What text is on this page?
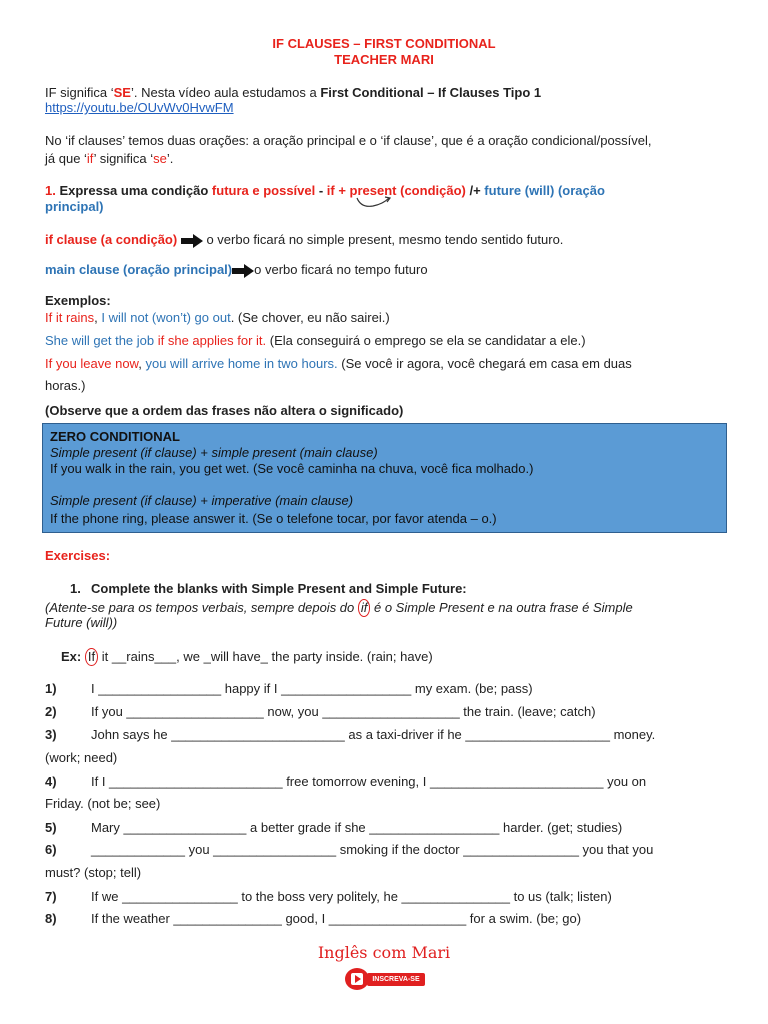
IF CLAUSES – FIRST CONDITIONAL
TEACHER MARI
IF significa ‘SE’. Nesta vídeo aula estudamos a First Conditional – If Clauses Tipo 1
https://youtu.be/OUvWv0HvwFM
No ‘if clauses’ temos duas orações: a oração principal e o ‘if clause’, que é a oração condicional/possível,
já que ‘if’ significa ‘se’.
1. Expressa uma condição futura e possível - if + present (condição) /+ future (will) (oração
principal)
if clause (a condição) o verbo ficará no simple present, mesmo tendo sentido futuro.
main clause (oração principal) o verbo ficará no tempo futuro
Exemplos:
If it rains, I will not (won’t) go out. (Se chover, eu não sairei.)
She will get the job if she applies for it. (Ela conseguirá o emprego se ela se candidatar a ele.)
If you leave now, you will arrive home in two hours. (Se você ir agora, você chegará em casa em duas
horas.)
(Observe que a ordem das frases não altera o significado)
ZERO CONDITIONAL
Simple present (if clause) + simple present (main clause)
If you walk in the rain, you get wet. (Se você caminha na chuva, você fica molhado.)
Simple present (if clause) + imperative (main clause)
If the phone ring, please answer it. (Se o telefone tocar, por favor atenda – o.)
Exercises:
1. Complete the blanks with Simple Present and Simple Future:
(Atente-se para os tempos verbais, sempre depois do if é o Simple Present e na outra frase é Simple
Future (will))
Ex: If it __rains___, we _will have_ the party inside. (rain; have)
1)	I _________________ happy if I __________________ my exam. (be; pass)
2)	If you ___________________ now, you ___________________ the train. (leave; catch)
3)	John says he ________________________ as a taxi-driver if he ____________________ money.
(work; need)
4)	If I ________________________ free tomorrow evening, I ________________________ you on
Friday. (not be; see)
5)	Mary _________________ a better grade if she __________________ harder. (get; studies)
6)	_____________ you _________________ smoking if the doctor ________________ you that you
must? (stop; tell)
7)	If we ________________ to the boss very politely, he _______________ to us (talk; listen)
8)	If the weather _______________ good, I ___________________ for a swim. (be; go)
Inglês com Mari
INSCREVA-SE
